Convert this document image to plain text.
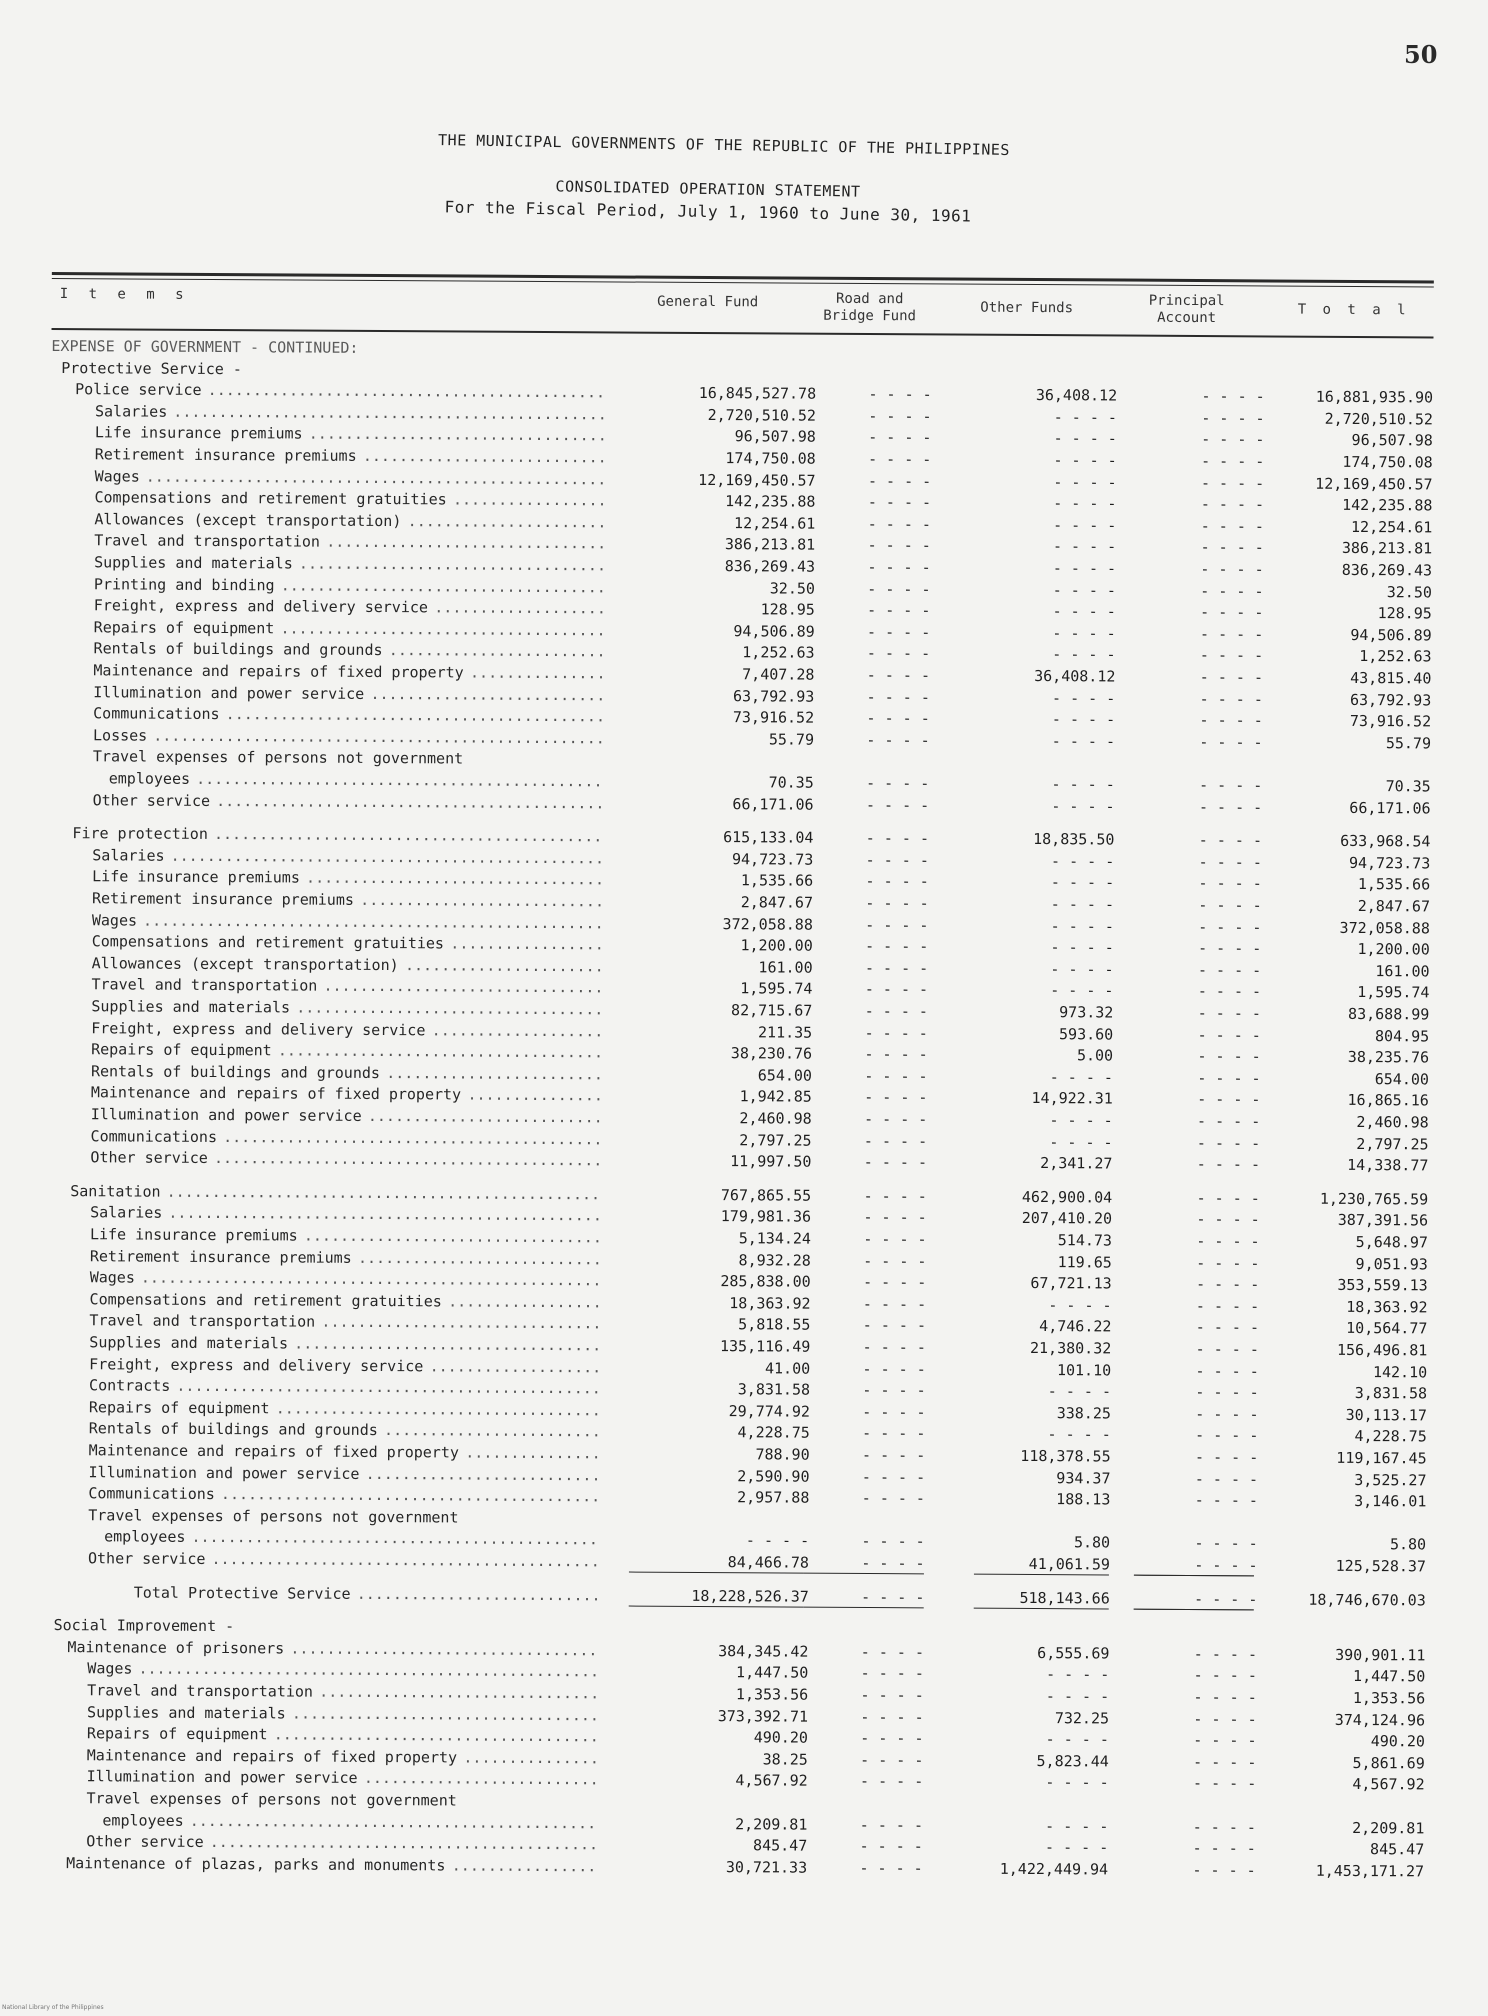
50
THE MUNICIPAL GOVERNMENTS OF THE REPUBLIC OF THE PHILIPPINES
CONSOLIDATED OPERATION STATEMENT
For the Fiscal Period, July 1, 1960 to June 30, 1961
I t e m s	General Fund	Road and
Bridge Fund	Other Funds	Principal
Account	T o t a l
EXPENSE OF GOVERNMENT - CONTINUED:
Protective Service -
Police service ............................................	16,845,527.78	- - - -	36,408.12	- - - -	16,881,935.90
Salaries ................................................	2,720,510.52	- - - -	- - - -	- - - -	2,720,510.52
Life insurance premiums .................................	96,507.98	- - - -	- - - -	- - - -	96,507.98
Retirement insurance premiums ...........................	174,750.08	- - - -	- - - -	- - - -	174,750.08
Wages ...................................................	12,169,450.57	- - - -	- - - -	- - - -	12,169,450.57
Compensations and retirement gratuities .................	142,235.88	- - - -	- - - -	- - - -	142,235.88
Allowances (except transportation) ......................	12,254.61	- - - -	- - - -	- - - -	12,254.61
Travel and transportation ...............................	386,213.81	- - - -	- - - -	- - - -	386,213.81
Supplies and materials ..................................	836,269.43	- - - -	- - - -	- - - -	836,269.43
Printing and binding ....................................	32.50	- - - -	- - - -	- - - -	32.50
Freight, express and delivery service ...................	128.95	- - - -	- - - -	- - - -	128.95
Repairs of equipment ....................................	94,506.89	- - - -	- - - -	- - - -	94,506.89
Rentals of buildings and grounds ........................	1,252.63	- - - -	- - - -	- - - -	1,252.63
Maintenance and repairs of fixed property ...............	7,407.28	- - - -	36,408.12	- - - -	43,815.40
Illumination and power service ..........................	63,792.93	- - - -	- - - -	- - - -	63,792.93
Communications ..........................................	73,916.52	- - - -	- - - -	- - - -	73,916.52
Losses ..................................................	55.79	- - - -	- - - -	- - - -	55.79
Travel expenses of persons not government
employees .............................................	70.35	- - - -	- - - -	- - - -	70.35
Other service ...........................................	66,171.06	- - - -	- - - -	- - - -	66,171.06
Fire protection ...........................................	615,133.04	- - - -	18,835.50	- - - -	633,968.54
Salaries ................................................	94,723.73	- - - -	- - - -	- - - -	94,723.73
Life insurance premiums .................................	1,535.66	- - - -	- - - -	- - - -	1,535.66
Retirement insurance premiums ...........................	2,847.67	- - - -	- - - -	- - - -	2,847.67
Wages ...................................................	372,058.88	- - - -	- - - -	- - - -	372,058.88
Compensations and retirement gratuities .................	1,200.00	- - - -	- - - -	- - - -	1,200.00
Allowances (except transportation) ......................	161.00	- - - -	- - - -	- - - -	161.00
Travel and transportation ...............................	1,595.74	- - - -	- - - -	- - - -	1,595.74
Supplies and materials ..................................	82,715.67	- - - -	973.32	- - - -	83,688.99
Freight, express and delivery service ...................	211.35	- - - -	593.60	- - - -	804.95
Repairs of equipment ....................................	38,230.76	- - - -	5.00	- - - -	38,235.76
Rentals of buildings and grounds ........................	654.00	- - - -	- - - -	- - - -	654.00
Maintenance and repairs of fixed property ...............	1,942.85	- - - -	14,922.31	- - - -	16,865.16
Illumination and power service ..........................	2,460.98	- - - -	- - - -	- - - -	2,460.98
Communications ..........................................	2,797.25	- - - -	- - - -	- - - -	2,797.25
Other service ...........................................	11,997.50	- - - -	2,341.27	- - - -	14,338.77
Sanitation ................................................	767,865.55	- - - -	462,900.04	- - - -	1,230,765.59
Salaries ................................................	179,981.36	- - - -	207,410.20	- - - -	387,391.56
Life insurance premiums .................................	5,134.24	- - - -	514.73	- - - -	5,648.97
Retirement insurance premiums ...........................	8,932.28	- - - -	119.65	- - - -	9,051.93
Wages ...................................................	285,838.00	- - - -	67,721.13	- - - -	353,559.13
Compensations and retirement gratuities .................	18,363.92	- - - -	- - - -	- - - -	18,363.92
Travel and transportation ...............................	5,818.55	- - - -	4,746.22	- - - -	10,564.77
Supplies and materials ..................................	135,116.49	- - - -	21,380.32	- - - -	156,496.81
Freight, express and delivery service ...................	41.00	- - - -	101.10	- - - -	142.10
Contracts ...............................................	3,831.58	- - - -	- - - -	- - - -	3,831.58
Repairs of equipment ....................................	29,774.92	- - - -	338.25	- - - -	30,113.17
Rentals of buildings and grounds ........................	4,228.75	- - - -	- - - -	- - - -	4,228.75
Maintenance and repairs of fixed property ...............	788.90	- - - -	118,378.55	- - - -	119,167.45
Illumination and power service ..........................	2,590.90	- - - -	934.37	- - - -	3,525.27
Communications ..........................................	2,957.88	- - - -	188.13	- - - -	3,146.01
Travel expenses of persons not government
employees .............................................	- - - -	- - - -	5.80	- - - -	5.80
Other service ...........................................	84,466.78	- - - -	41,061.59	- - - -	125,528.37
Total Protective Service ...........................	18,228,526.37	- - - -	518,143.66	- - - -	18,746,670.03
Social Improvement -
Maintenance of prisoners ..................................	384,345.42	- - - -	6,555.69	- - - -	390,901.11
Wages ...................................................	1,447.50	- - - -	- - - -	- - - -	1,447.50
Travel and transportation ...............................	1,353.56	- - - -	- - - -	- - - -	1,353.56
Supplies and materials ..................................	373,392.71	- - - -	732.25	- - - -	374,124.96
Repairs of equipment ....................................	490.20	- - - -	- - - -	- - - -	490.20
Maintenance and repairs of fixed property ...............	38.25	- - - -	5,823.44	- - - -	5,861.69
Illumination and power service ..........................	4,567.92	- - - -	- - - -	- - - -	4,567.92
Travel expenses of persons not government
employees .............................................	2,209.81	- - - -	- - - -	- - - -	2,209.81
Other service ...........................................	845.47	- - - -	- - - -	- - - -	845.47
Maintenance of plazas, parks and monuments ................	30,721.33	- - - -	1,422,449.94	- - - -	1,453,171.27
National Library of the Philippines
